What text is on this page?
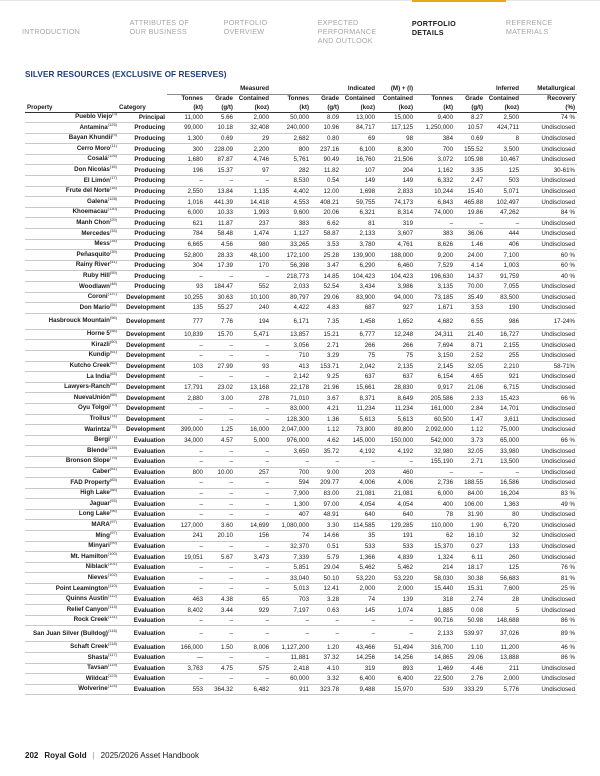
INTRODUCTION
ATTRIBUTES OF
OUR BUSINESS
PORTFOLIO
OVERVIEW
EXPECTED PERFORMANCE
AND OUTLOOK
PORTFOLIO
DETAILS
REFERENCE
MATERIALS
SILVER RESOURCES (EXCLUSIVE OF RESERVES)
		Measured			Indicated			(M) + (I)	Inferred			Metallurgical
		Tonnes	Grade	Contained	Tonnes	Grade	Contained	Contained	Tonnes	Grade	Contained	Recovery
Property	Category	(kt)	(g/t)	(koz)	(kt)	(g/t)	(koz)	(koz)	(kt)	(g/t)	(koz)	(%)
Pueblo Viejo$^{(3)}$	Principal	11,000	5.66	2,000	50,000	8.09	13,000	15,000	9,400	8.27	2,500	74 %
Antamina$^{(125)}$	Producing	99,000	10.18	32,408	240,000	10.96	84,717	117,125	1,250,000	10.57	424,711	Undisclosed
Bayan Khundii$^{(9)}$	Producing	1,300	0.69	29	2,682	0.80	69	98	384	0.69	8	Undisclosed
Cerro Moro$^{(11)}$	Producing	300	228.09	2,200	800	237.16	6,100	8,300	700	155.52	3,500	Undisclosed
Cosalá$^{(126)}$	Producing	1,680	87.87	4,746	5,761	90.49	16,760	21,506	3,072	105.98	10,467	Undisclosed
Don Nicolás$^{(16)}$	Producing	196	15.37	97	282	11.82	107	204	1,162	3.35	125	30-61%
El Limón$^{(17)}$	Producing	–	–	–	8,530	0.54	149	149	6,332	2.47	503	Undisclosed
Frute del Norte$^{(18)}$	Producing	2,550	13.84	1,135	4,402	12.00	1,698	2,833	10,244	15.40	5,071	Undisclosed
Galena$^{(128)}$	Producing	1,016	441.39	14,418	4,553	408.21	59,755	74,173	6,843	465.88	102,497	Undisclosed
Khoemacau$^{(130)}$	Producing	6,000	10.33	1,993	9,600	20.06	6,321	8,314	74,000	19.86	47,262	84 %
Manh Chon$^{(29)}$	Producing	621	11.87	237	383	6.62	81	319	–	–	–	Undisclosed
Mercedes$^{(33)}$	Producing	784	58.48	1,474	1,127	58.87	2,133	3,607	383	36.06	444	Undisclosed
Mess$^{(34)}$	Producing	6,665	4.56	980	33,265	3.53	3,780	4,761	8,626	1.46	406	Undisclosed
Peñasquito$^{(39)}$	Producing	52,800	28.33	48,100	172,100	25.28	139,900	188,000	9,200	24.00	7,100	60 %
Rainy River$^{(41)}$	Producing	304	17.39	170	56,398	3.47	6,290	6,460	7,529	4.14	1,003	60 %
Ruby Hill$^{(59)}$	Producing	–	–	–	218,773	14.85	104,423	104,423	196,630	14.37	91,759	40 %
Woodlawn$^{(48)}$	Producing	93	184.47	552	2,033	52.54	3,434	3,986	3,135	70.00	7,055	Undisclosed
Coroni$^{(137)}$	Development	10,255	30.63	10,100	89,797	29.06	83,900	94,000	73,185	35.49	83,500	Undisclosed
Don Mario$^{(54)}$	Development	135	55.27	240	4,422	4.83	687	927	1,671	3.53	190	Undisclosed
Hasbrouck Mountain$^{(56)}$	Development	777	7.76	194	6,171	7.35	1,458	1,652	4,682	6.55	986	17-24%
Horne 5$^{(58)}$	Development	10,839	15.70	5,471	13,857	15.21	6,777	12,248	24,311	21.40	16,727	Undisclosed
Kirazli$^{(60)}$	Development	–	–	–	3,056	2.71	266	266	7,694	8.71	2,155	Undisclosed
Kundip$^{(61)}$	Development	–	–	–	710	3.29	75	75	3,150	2.52	255	Undisclosed
Kutcho Creek$^{(62)}$	Development	103	27.99	93	413	153.71	2,042	2,135	2,145	32.05	2,210	58-71%
La India$^{(63)}$	Development	–	–	–	2,142	9.25	637	637	6,154	4.65	921	Undisclosed
Lawyers-Ranch$^{(64)}$	Development	17,791	23.02	13,168	22,178	21.96	15,661	28,830	9,917	21.06	6,715	Undisclosed
NuevaUnión$^{(68)}$	Development	2,880	3.00	278	71,010	3.67	8,371	8,649	205,586	2.33	15,423	66 %
Oyu Tolgoi$^{(70)}$	Development	–	–	–	83,000	4.21	11,234	11,234	161,000	2.84	14,701	Undisclosed
Troilus$^{(74)}$	Development	–	–	–	128,300	1.36	5,613	5,613	60,500	1.47	3,611	Undisclosed
Warintza$^{(75)}$	Development	399,000	1.25	16,000	2,047,000	1.12	73,800	89,800	2,092,000	1.12	75,000	Undisclosed
Bergi$^{(77)}$	Evaluation	34,000	4.57	5,000	976,000	4.62	145,000	150,000	542,000	3.73	65,000	66 %
Blende$^{(139)}$	Evaluation	–	–	–	3,650	35.72	4,192	4,192	32,980	32.05	33,980	Undisclosed
Bronson Slope$^{(79)}$	Evaluation	–	–	–	–	–	–	–	155,190	2.71	13,500	Undisclosed
Caber$^{(81)}$	Evaluation	800	10.00	257	700	9.00	203	460	–	–	–	Undisclosed
FAD Property$^{(83)}$	Evaluation	–	–	–	594	209.77	4,006	4,006	2,736	188.55	16,586	Undisclosed
High Lake$^{(88)}$	Evaluation	–	–	–	7,900	83.00	21,081	21,081	6,000	84.00	16,204	83 %
Jaguar$^{(93)}$	Evaluation	–	–	–	1,300	97.00	4,054	4,054	400	106.00	1,363	49 %
Long Lake$^{(96)}$	Evaluation	–	–	–	407	48.91	640	640	78	31.90	80	Undisclosed
MARA$^{(97)}$	Evaluation	127,000	3.60	14,699	1,080,000	3.30	114,585	129,285	110,000	1.90	6,720	Undisclosed
Ming$^{(97)}$	Evaluation	241	20.10	156	74	14.66	35	191	62	16.10	32	Undisclosed
Minyari$^{(99)}$	Evaluation	–	–	–	32,370	0.51	533	533	15,370	0.27	133	Undisclosed
Mt. Hamilton$^{(100)}$	Evaluation	19,051	5.67	3,473	7,339	5.79	1,366	4,839	1,324	6.11	260	Undisclosed
Niblack$^{(101)}$	Evaluation	–	–	–	5,851	29.04	5,462	5,462	214	18.17	125	76 %
Nieves$^{(102)}$	Evaluation	–	–	–	33,040	50.10	53,220	53,220	58,030	30.38	56,683	81 %
Point Leamington$^{(110)}$	Evaluation	–	–	–	5,013	12.41	2,000	2,000	15,440	15.31	7,600	25 %
Quinns Austin$^{(112)}$	Evaluation	463	4.38	65	703	3.28	74	139	318	2.74	28	Undisclosed
Relief Canyon$^{(114)}$	Evaluation	8,402	3.44	929	7,197	0.63	145	1,074	1,885	0.08	5	Undisclosed
Rock Creek$^{(131)}$	Evaluation	–	–	–	–	–	–	–	90,716	50.98	148,688	86 %
San Juan Silver (Bulldog)$^{(116)}$	Evaluation	–	–	–	–	–	–	–	2,133	539.97	37,026	89 %
Schaft Creek$^{(118)}$	Evaluation	166,000	1.50	8,006	1,127,200	1.20	43,466	51,494	316,700	1.10	11,200	46 %
Shasta$^{(117)}$	Evaluation	—	–	–	11,881	37.32	14,256	14,256	14,865	29.06	13,888	86 %
Tavsan$^{(119)}$	Evaluation	3,763	4.75	575	2,418	4.10	319	893	1,469	4.46	211	Undisclosed
Wildcat$^{(123)}$	Evaluation	–	–	–	60,000	3.32	6,400	6,400	22,500	2.76	2,000	Undisclosed
Wolverine$^{(124)}$	Evaluation	553	364.32	6,482	911	323.78	9,488	15,970	539	333.29	5,776	Undisclosed
202 Royal Gold | 2025/2026 Asset Handbook
